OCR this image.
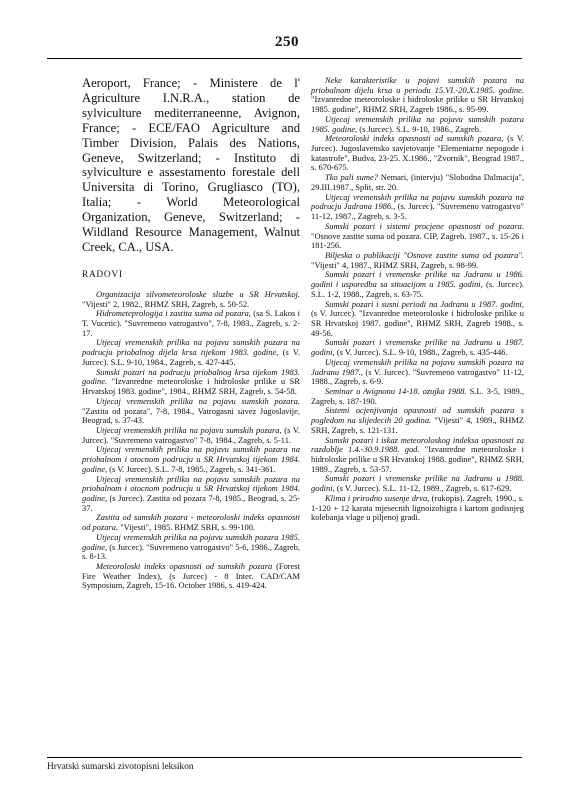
250

Aeroport, France; - Ministere de l' Agriculture I.N.R.A., station de sylviculture mediterraneenne, Avignon, France; - ECE/FAO Agriculture and Timber Division, Palais des Nations, Geneve, Switzerland; - Instituto di sylviculture e assestamento forestale dell Universita di Torino, Grugliasco (TO), Italia; - World Meteorological Organization, Geneve, Switzerland; - Wildland Resource Management, Walnut Creek, CA., USA.

RADOVI

Organizacija silvometeoroloske sluzbe u SR Hrvatskoj. "Vijesti" 2, 1982., RHMZ SRH, Zagreb, s. 50-52.

Hidrometeprologija i zastita suma od pozara, (sa S. Lakos i T. Vucetic). "Suvremeno vatrogastvo", 7-8, 1983., Zagreb, s. 2-17.

Utjecaj vremenskih prilika na pojavu sumskih pozara na podrucju priobalnog dijela krsa tijekom 1983. godine, (s V. Jurcec). S.L. 9-10, 1984., Zagreb, s. 427-445.

Sumski pozari na podrucju priobalnog krsa tijekom 1983. godine. "Izvanredne meteoroloske i hidroloske prilike u SR Hrvatskoj 1983. godine", 1984., RHMZ SRH, Zagreb, s. 54-58.

Utjecaj vremenskih prilika na pojavu sumskih pozara. "Zastita od pozara", 7-8, 1984., Vatrogasni savez Jugoslavije, Beograd, s. 37-43.

Utjecaj vremenskih prilika na pojavu sumskih pozara, (s V. Jurcec). "Suvremeno vatrogastvo" 7-8, 1984., Zagreb, s. 5-11.

Utjecaj vremenskih prilika na pojavu sumskih pozara na priobalnom i otocnom podrucju u SR Hrvatskoj tijekom 1984. godine, (s V. Jurcec). S.L. 7-8, 1985., Zagreb, s. 341-361.

Utjecaj vremenskih prilika na pojavu sumskih pozara na priobalnom i otocnom podrucju u SR Hrvatskoj tijekom 1984. godine, (s Jurcec). Zastita od pozara 7-8, 1985., Beograd, s. 25-37.

Zastita od sumskih pozara - meteoroloski indeks opasnosti od pozara. "Vijesti", 1985. RHMZ SRH, s. 99-100.

Utjecaj vremenskih prilika na pojavu sumskih pozara 1985. godine, (s Jurcec). "Suvremeno vatrogastvo" 5-6, 1986., Zagreb, s. 8-13.

Meteoroloski indeks opasnosti od sumskih pozara (Forest Fire Weather Index), (s Jurcec) - 8 Inter. CAD/CAM Symposium, Zagreb, 15-16. October 1986, s. 419-424.

Neke karakteristike u pojavi sumskih pozara na priobalnom dijelu krsa u periodu 15.VI.-20.X.1985. godine. "Izvanredne meteoroloske i hidroloske prilike u SR Hrvatskoj 1985. godine", RHMZ SRH, Zagreb 1986., s. 95-99.

Utjecaj vremenskih prilika na pojavu sumskih pozara 1985. godine, (s Jurcec). S.L. 9-10, 1986., Zagreb.

Meteoroloski indeks opasnosti od sumskih pozara, (s V. Jurcec). Jugoslavensko savjetovanje "Elementarne nepogode i katastrofe", Budva, 23-25. X.1986., "Zvornik", Beograd 1987., s. 670-675.

Tko pali sume? Nemari, (intervju) "Slobodna Dalmacija", 29.III.1987., Split, str. 20.

Utjecaj vremenskih prilika na pojavu sumskih pozara na podrucju Jadrana 1986., (s. Jurcec). "Suvremeno vatrogastvo" 11-12, 1987., Zagreb, s. 3-5.

Sumski pozari i sistemi procjene opasnosti od pozara. "Osnove zastite suma od pozara. CIP, Zagreb. 1987., s. 15-26 i 181-256.

Biljeska o publikaciji "Osnove zastite suma od pozara". "Vijesti" 4, 1987., RHMZ SRH, Zagreb, s. 98-99.

Sumski pozari i vremenske prilike na Jadranu u 1986. godini i usporedba sa situacijom u 1985. godini, (s. Jurcec). S.L. 1-2, 1988., Zagreb, s. 63-75.

Sumski pozari i susni periodi na Jadranu u 1987. godini, (s V. Jurcec). "Izvanredne meteoroloske i hidroloske prilike u SR Hrvatskoj 1987. godine", RHMZ SRH, Zagreb 1988., s. 49-56.

Sumski pozari i vremenske prilike na Jadranu u 1987. godini, (s V. Jurcec). S.L. 9-10, 1988., Zagreb, s. 435-446.

Utjecaj vremenskih prilika na pojavu sumskih pozara na Jadranu 1987., (s V. Jurcec). "Suvremeno vatrogastvo" 11-12, 1988., Zagreb, s. 6-9.

Seminar u Avignonu 14-18. ozujka 1988. S.L. 3-5, 1989., Zagreb, s. 187-190.

Sistemi ocjenjivanja opasnosti od sumskih pozara s pogledom na slijedecih 20 godina. "Vijesti" 4, 1989., RHMZ SRH, Zagreb, s. 121-131.

Sumski pozari i iskaz meteoroloskog indeksa opasnosti za razdoblje 1.4.-30.9.1988. god. "Izvanredne meteoroloske i hidroloske prilike u SR Hrvatskoj 1988. godine", RHMZ SRH, 1989., Zagreb, s. 53-57.

Sumski pozari i vremenske prilike na Jadranu u 1988. godini, (s V. Jurcec). S.L. 11-12, 1989., Zagreb, s. 617-629.

Klima i prirodno susenje drva, (rukopis). Zagreb, 1990., s. 1-120 + 12 karata mjesecnih lignoizohigra i kartom godisnjeg kolebanja vlage u piljenoj gradi.

Hrvatski sumarski zivotopisni leksikon
